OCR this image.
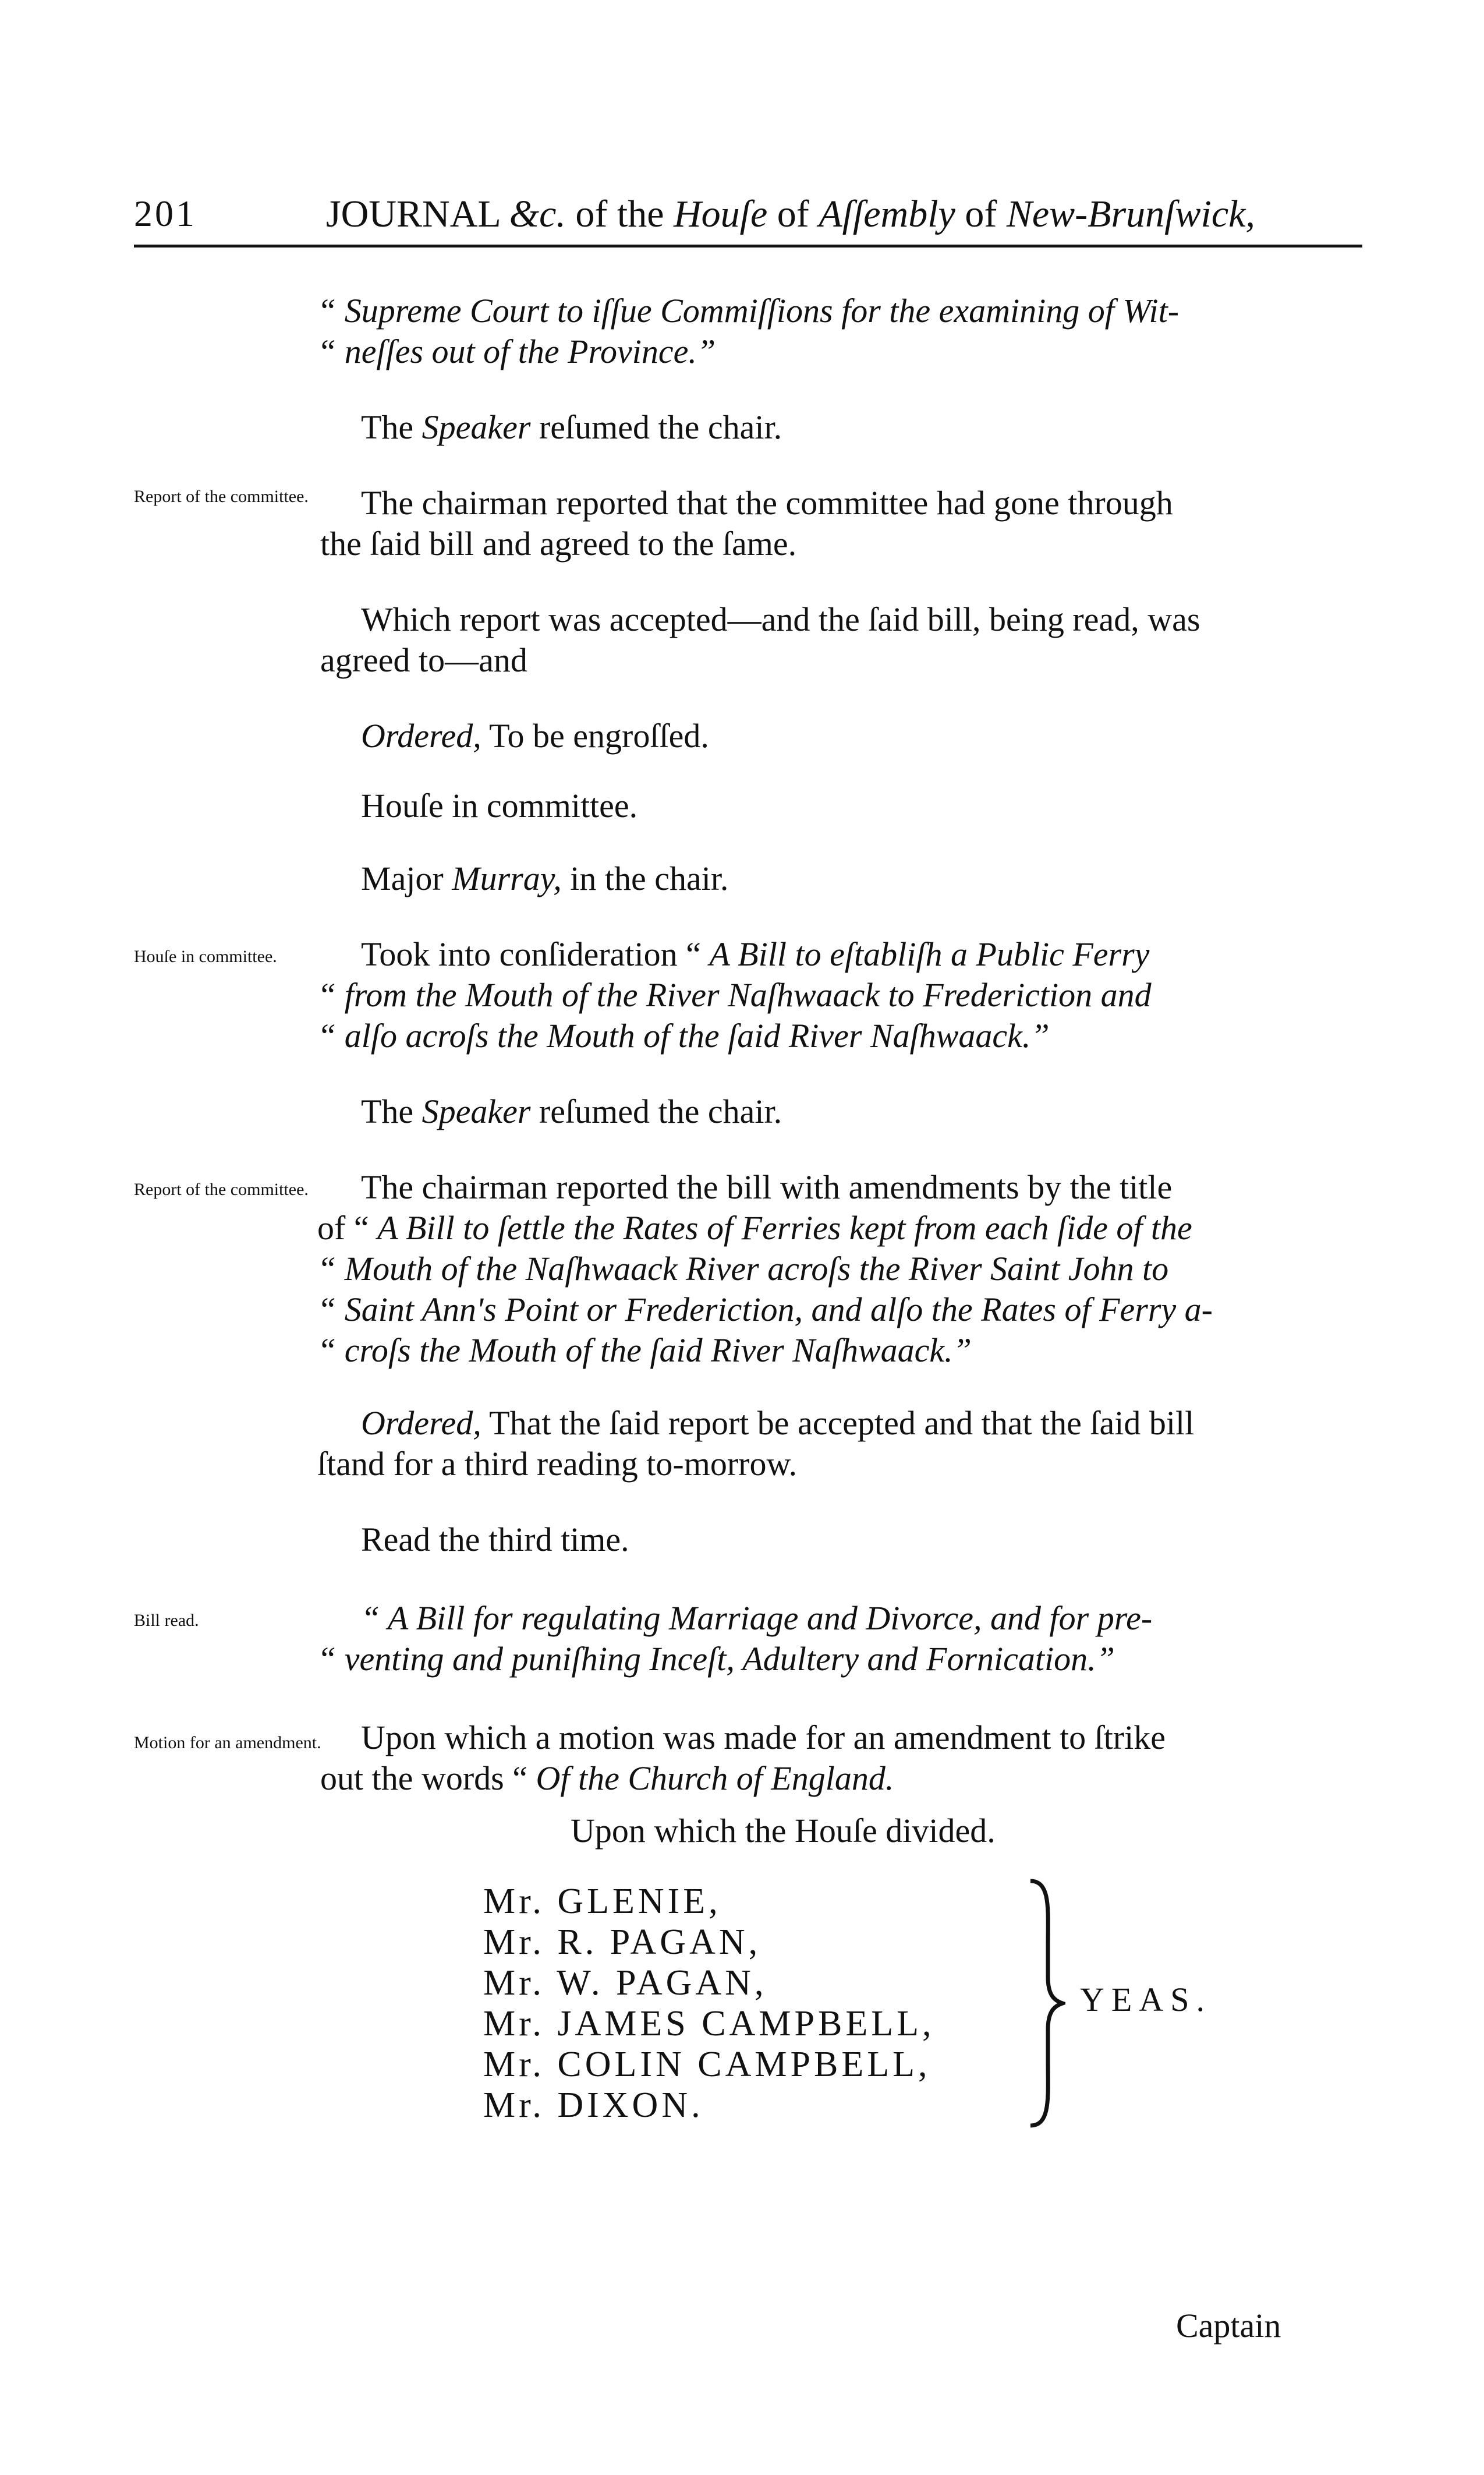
201	JOURNAL &c. of the Houſe of Aſſembly of New-Brunſwick,
Report of the committee.
Houſe in committee.
Report of the committee.
Bill read.
Motion for an amendment.
“ Supreme Court to iſſue Commiſſions for the examining of Wit-
“ neſſes out of the Province.”
The Speaker reſumed the chair.
The chairman reported that the committee had gone through
the ſaid bill and agreed to the ſame.
Which report was accepted—and the ſaid bill, being read, was
agreed to—and
Ordered, To be engroſſed.
Houſe in committee.
Major Murray, in the chair.
Took into conſideration “ A Bill to eſtabliſh a Public Ferry
“ from the Mouth of the River Naſhwaack to Frederiction and
“ alſo acroſs the Mouth of the ſaid River Naſhwaack.”
The Speaker reſumed the chair.
The chairman reported the bill with amendments by the title
of “ A Bill to ſettle the Rates of Ferries kept from each ſide of the
“ Mouth of the Naſhwaack River acroſs the River Saint John to
“ Saint Ann's Point or Frederiction, and alſo the Rates of Ferry a-
“ croſs the Mouth of the ſaid River Naſhwaack.”
Ordered, That the ſaid report be accepted and that the ſaid bill
ſtand for a third reading to-morrow.
Read the third time.
“ A Bill for regulating Marriage and Divorce, and for pre-
“ venting and puniſhing Inceſt, Adultery and Fornication.”
Upon which a motion was made for an amendment to ſtrike
out the words “ Of the Church of England.
Upon which the Houſe divided.
Mr. GLENIE,
Mr. R. PAGAN,
Mr. W. PAGAN,
Mr. JAMES CAMPBELL,
Mr. COLIN CAMPBELL,
Mr. DIXON.
YEAS.
Captain
